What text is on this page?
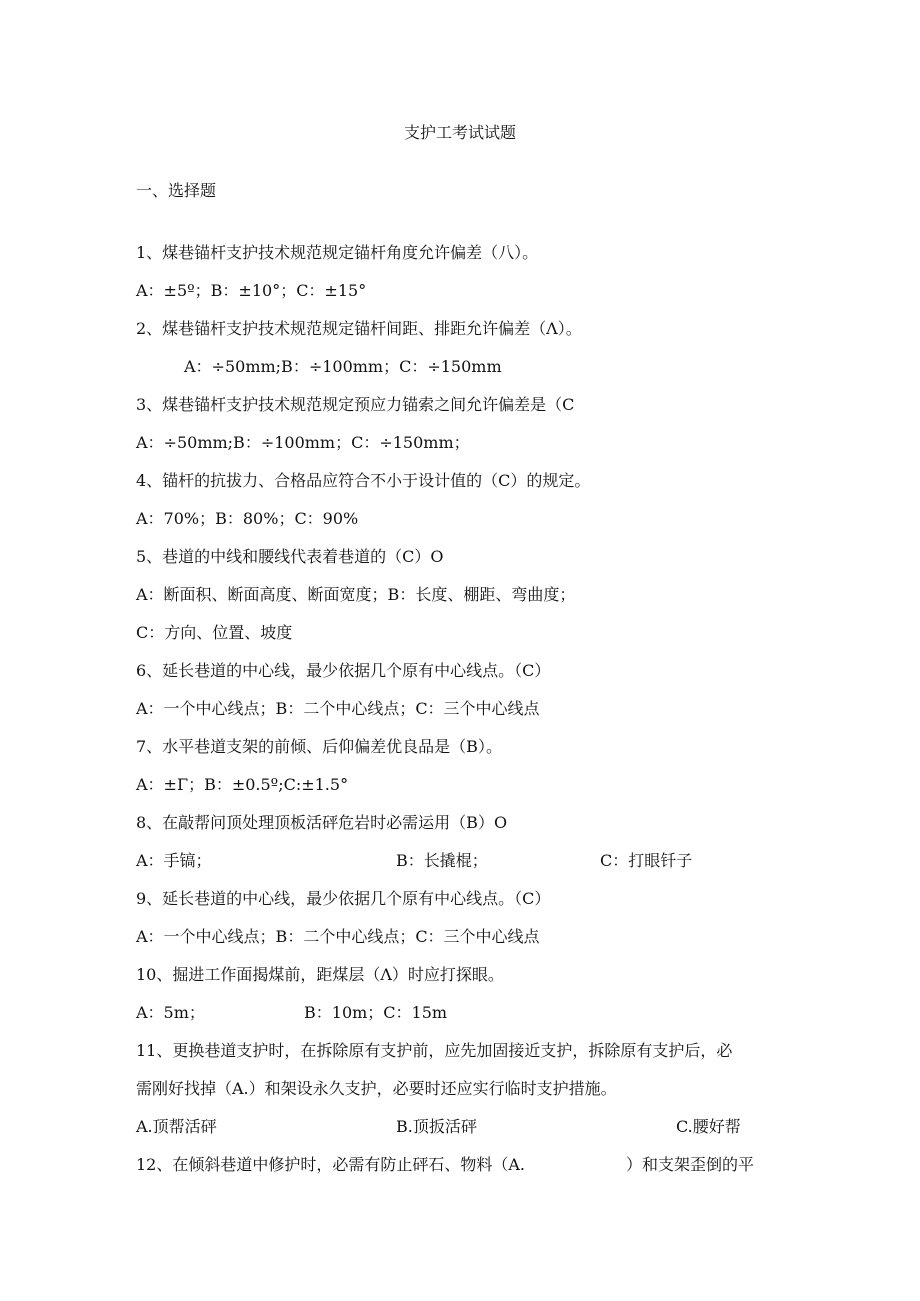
支护工考试试题
一、选择题
1、煤巷锚杆支护技术规范规定锚杆角度允许偏差（八）。
A：±5º；B：±10°；C：±15°
2、煤巷锚杆支护技术规范规定锚杆间距、排距允许偏差（Λ）。
A：÷50mm;B：÷100mm；C：÷150mm
3、煤巷锚杆支护技术规范规定预应力锚索之间允许偏差是（C
A：÷50mm;B：÷100mm；C：÷150mm；
4、锚杆的抗拔力、合格品应符合不小于设计值的（C）的规定。
A：70%；B：80%；C：90%
5、巷道的中线和腰线代表着巷道的（C）O
A：断面积、断面高度、断面宽度；B：长度、棚距、弯曲度；
C：方向、位置、坡度
6、延长巷道的中心线，最少依据几个原有中心线点。（C）
A：一个中心线点；B：二个中心线点；C：三个中心线点
7、水平巷道支架的前倾、后仰偏差优良品是（B）。
A：±Γ；B：±0.5º;C:±1.5°
8、在敲帮问顶处理顶板活砰危岩时必需运用（B）O
A：手镐；	B：长撬棍；	C：打眼钎子
9、延长巷道的中心线，最少依据几个原有中心线点。（C）
A：一个中心线点；B：二个中心线点；C：三个中心线点
10、掘进工作面揭煤前，距煤层（Λ）时应打探眼。
A：5m；	B：10m；C：15m
11、更换巷道支护时，在拆除原有支护前，应先加固接近支护，拆除原有支护后，必
需刚好找掉（A.）和架设永久支护，必要时还应实行临时支护措施。
A.顶帮活砰	B.顶扳活砰	C.腰好帮
12、在倾斜巷道中修护时，必需有防止砰石、物料（A.	）和支架歪倒的平
